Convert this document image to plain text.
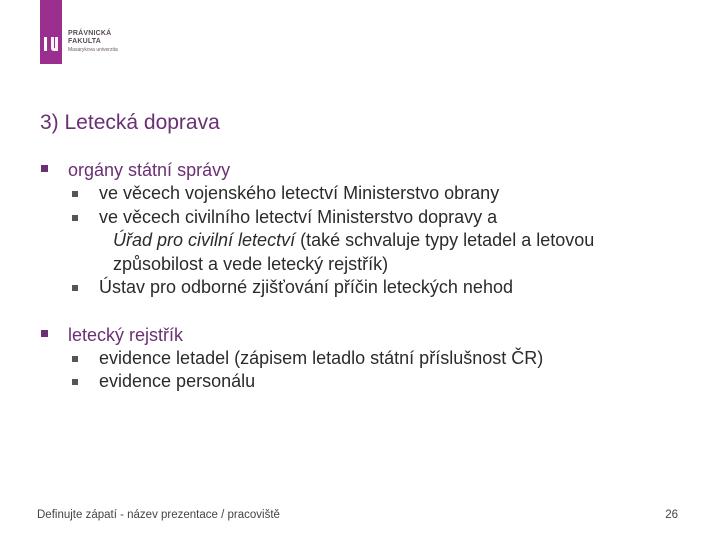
PRÁVNICKÁ
FAKULTA
Masarykova univerzita
3) Letecká doprava

orgány státní správy

ve věcech vojenského letectví Ministerstvo obrany

ve věcech civilního letectví Ministerstvo dopravy a
Úřad pro civilní letectví (také schvaluje typy letadel a letovou
způsobilost a vede letecký rejstřík)

Ústav pro odborné zjišťování příčin leteckých nehod

letecký rejstřík

evidence letadel (zápisem letadlo státní příslušnost ČR)

evidence personálu

Definujte zápatí - název prezentace / pracoviště	26
